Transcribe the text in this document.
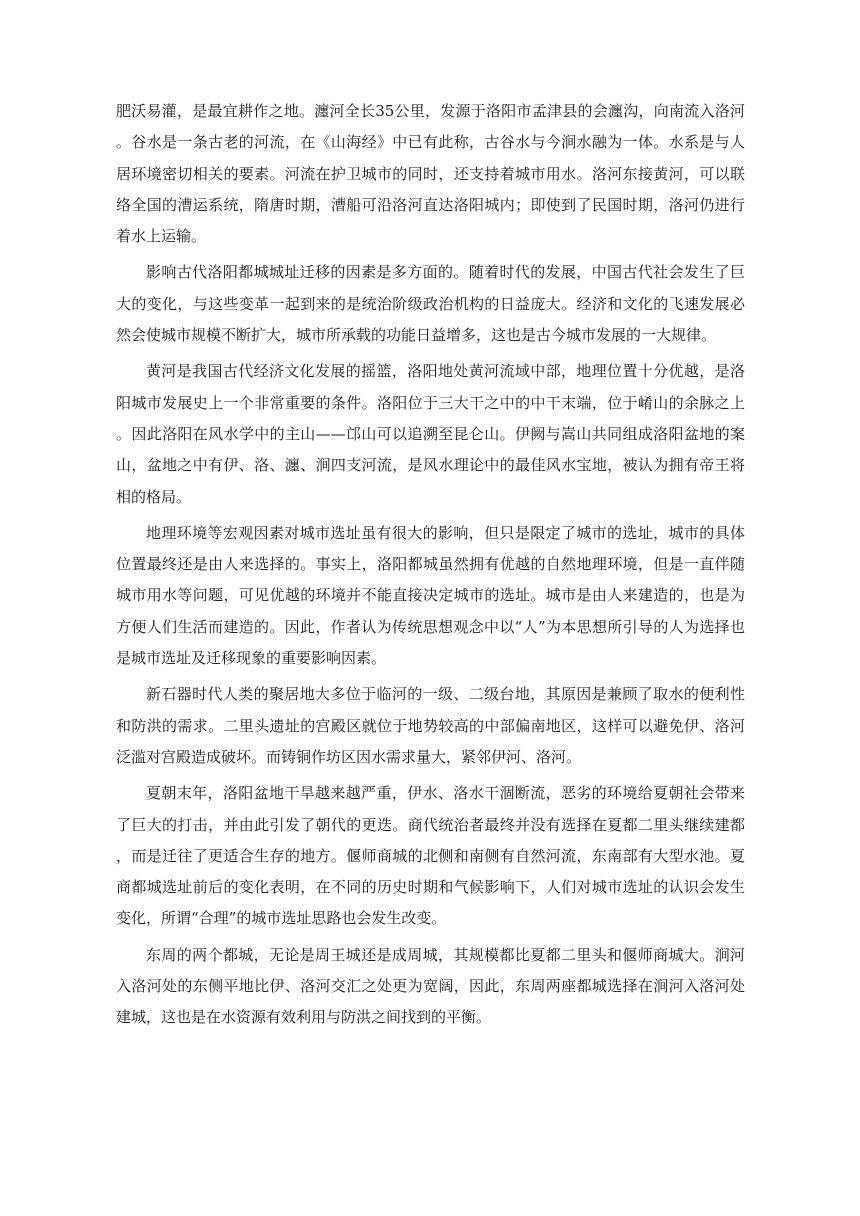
肥沃易灌，是最宜耕作之地。瀍河全长35公里，发源于洛阳市孟津县的会瀍沟，向南流入洛河。谷水是一条古老的河流，在《山海经》中已有此称，古谷水与今涧水融为一体。水系是与人居环境密切相关的要素。河流在护卫城市的同时，还支持着城市用水。洛河东接黄河，可以联络全国的漕运系统，隋唐时期，漕船可沿洛河直达洛阳城内；即使到了民国时期，洛河仍进行着水上运输。

影响古代洛阳都城城址迁移的因素是多方面的。随着时代的发展，中国古代社会发生了巨大的变化，与这些变革一起到来的是统治阶级政治机构的日益庞大。经济和文化的飞速发展必然会使城市规模不断扩大，城市所承载的功能日益增多，这也是古今城市发展的一大规律。

黄河是我国古代经济文化发展的摇篮，洛阳地处黄河流域中部，地理位置十分优越，是洛阳城市发展史上一个非常重要的条件。洛阳位于三大干之中的中干末端，位于崤山的余脉之上。因此洛阳在风水学中的主山——邙山可以追溯至昆仑山。伊阙与嵩山共同组成洛阳盆地的案山，盆地之中有伊、洛、瀍、涧四支河流，是风水理论中的最佳风水宝地，被认为拥有帝王将相的格局。

地理环境等宏观因素对城市选址虽有很大的影响，但只是限定了城市的选址，城市的具体位置最终还是由人来选择的。事实上，洛阳都城虽然拥有优越的自然地理环境，但是一直伴随城市用水等问题，可见优越的环境并不能直接决定城市的选址。城市是由人来建造的，也是为方便人们生活而建造的。因此，作者认为传统思想观念中以“人”为本思想所引导的人为选择也是城市选址及迁移现象的重要影响因素。

新石器时代人类的聚居地大多位于临河的一级、二级台地，其原因是兼顾了取水的便利性和防洪的需求。二里头遗址的宫殿区就位于地势较高的中部偏南地区，这样可以避免伊、洛河泛滥对宫殿造成破坏。而铸铜作坊区因水需求量大，紧邻伊河、洛河。

夏朝末年，洛阳盆地干旱越来越严重，伊水、洛水干涸断流，恶劣的环境给夏朝社会带来了巨大的打击，并由此引发了朝代的更迭。商代统治者最终并没有选择在夏都二里头继续建都，而是迁往了更适合生存的地方。偃师商城的北侧和南侧有自然河流，东南部有大型水池。夏商都城选址前后的变化表明，在不同的历史时期和气候影响下，人们对城市选址的认识会发生变化，所谓“合理”的城市选址思路也会发生改变。

东周的两个都城，无论是周王城还是成周城，其规模都比夏都二里头和偃师商城大。涧河入洛河处的东侧平地比伊、洛河交汇之处更为宽阔，因此，东周两座都城选择在涧河入洛河处建城，这也是在水资源有效利用与防洪之间找到的平衡。
